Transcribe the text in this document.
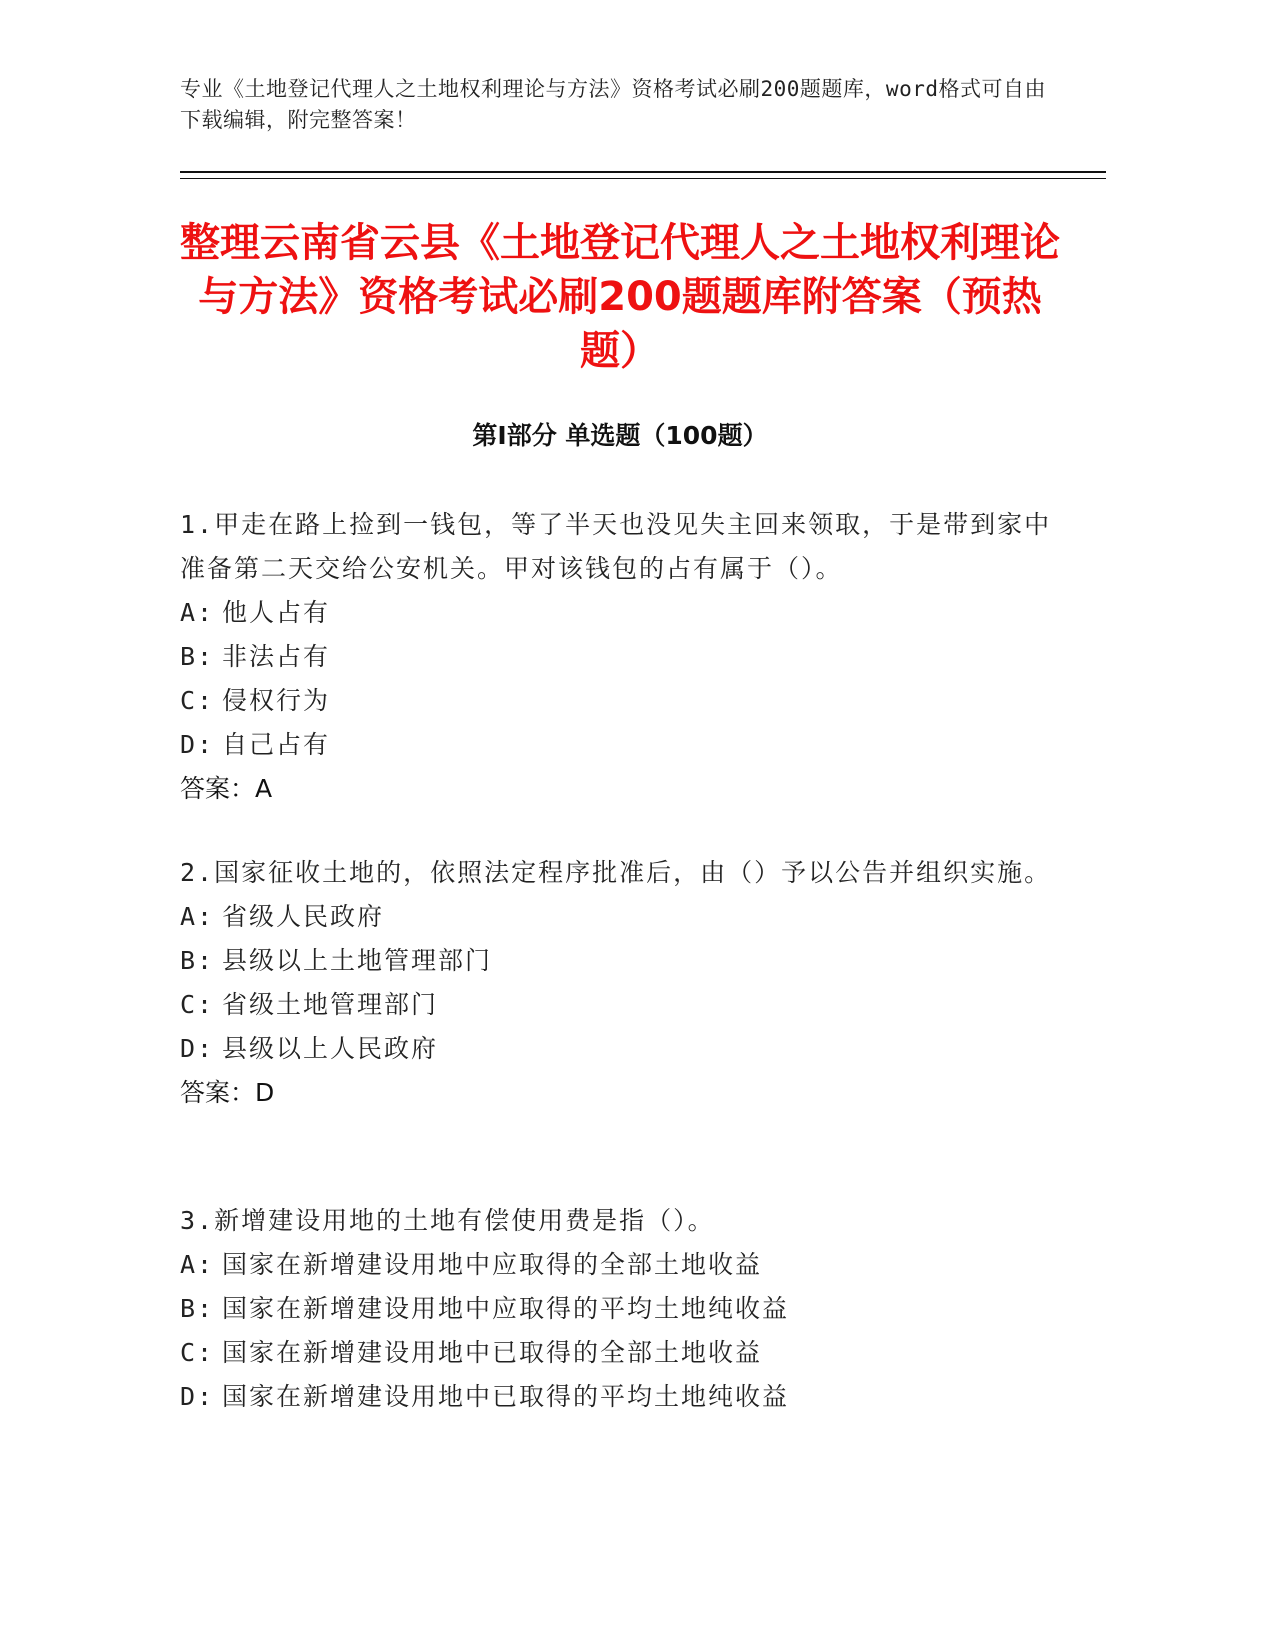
专业《土地登记代理人之土地权利理论与方法》资格考试必刷200题题库，word格式可自由下载编辑，附完整答案！
整理云南省云县《土地登记代理人之土地权利理论与方法》资格考试必刷200题题库附答案（预热题）
第Ⅰ部分 单选题（100题）
1.甲走在路上捡到一钱包，等了半天也没见失主回来领取，于是带到家中准备第二天交给公安机关。甲对该钱包的占有属于（）。
A: 他人占有
B: 非法占有
C: 侵权行为
D: 自己占有
答案：A
2.国家征收土地的，依照法定程序批准后，由（）予以公告并组织实施。
A: 省级人民政府
B: 县级以上土地管理部门
C: 省级土地管理部门
D: 县级以上人民政府
答案：D
3.新增建设用地的土地有偿使用费是指（）。
A: 国家在新增建设用地中应取得的全部土地收益
B: 国家在新增建设用地中应取得的平均土地纯收益
C: 国家在新增建设用地中已取得的全部土地收益
D: 国家在新增建设用地中已取得的平均土地纯收益
